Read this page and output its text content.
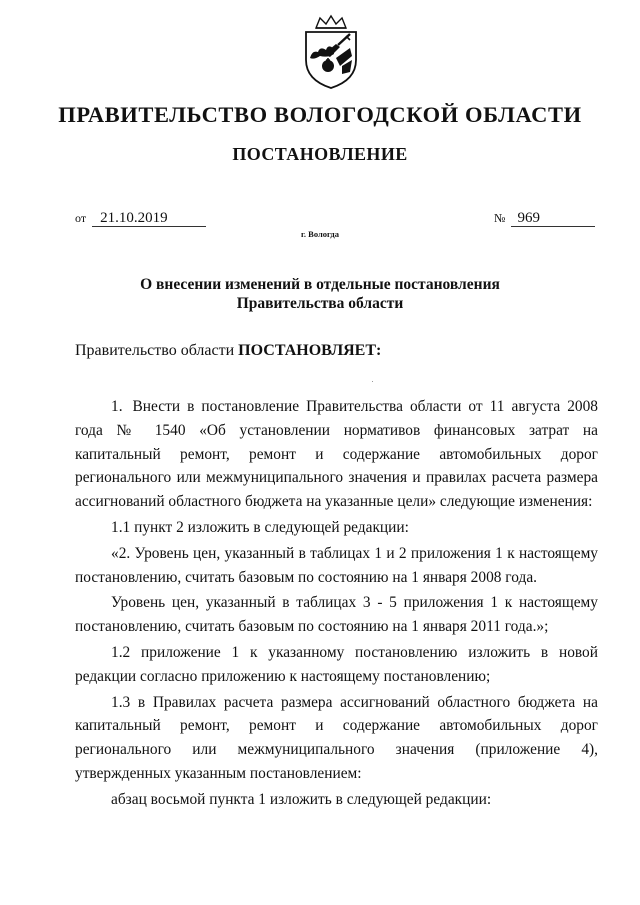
ПРАВИТЕЛЬСТВО ВОЛОГОДСКОЙ ОБЛАСТИ
ПОСТАНОВЛЕНИЕ
от 21.10.2019	№ 969
г. Вологда
О внесении изменений в отдельные постановления
Правительства области
Правительство области ПОСТАНОВЛЯЕТ:

1. Внести в постановление Правительства области от 11 августа 2008 года № 1540 «Об установлении нормативов финансовых затрат на капитальный ремонт, ремонт и содержание автомобильных дорог регионального или межмуниципального значения и правилах расчета размера ассигнований областного бюджета на указанные цели» следующие изменения:

1.1 пункт 2 изложить в следующей редакции:

«2. Уровень цен, указанный в таблицах 1 и 2 приложения 1 к настоящему постановлению, считать базовым по состоянию на 1 января 2008 года.

Уровень цен, указанный в таблицах 3 - 5 приложения 1 к настоящему постановлению, считать базовым по состоянию на 1 января 2011 года.»;

1.2 приложение 1 к указанному постановлению изложить в новой редакции согласно приложению к настоящему постановлению;

1.3 в Правилах расчета размера ассигнований областного бюджета на капитальный ремонт, ремонт и содержание автомобильных дорог регионального или межмуниципального значения (приложение 4), утвержденных указанным постановлением:

абзац восьмой пункта 1 изложить в следующей редакции:
